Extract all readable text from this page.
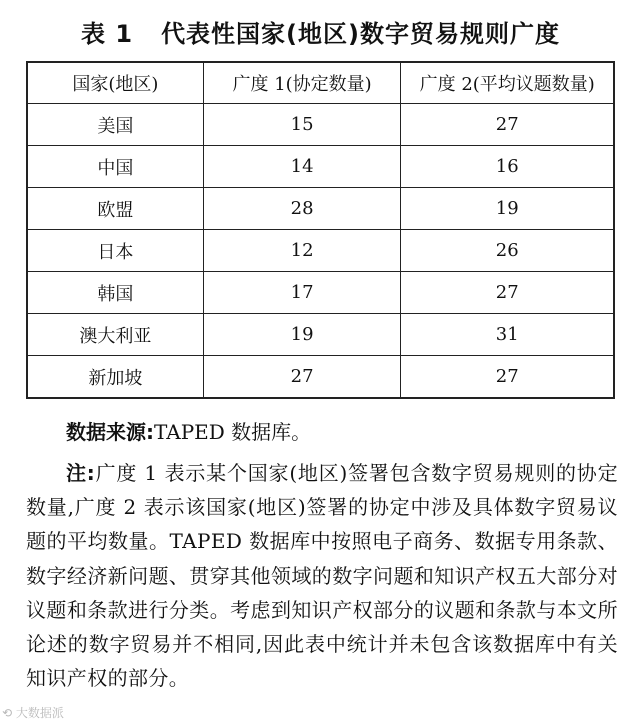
表 1 代表性国家(地区)数字贸易规则广度
国家(地区)	广度 1(协定数量)	广度 2(平均议题数量)
美国	15	27
中国	14	16
欧盟	28	19
日本	12	26
韩国	17	27
澳大利亚	19	31
新加坡	27	27
数据来源:TAPED 数据库。
注:广度 1 表示某个国家(地区)签署包含数字贸易规则的协定数量,广度 2 表示该国家(地区)签署的协定中涉及具体数字贸易议题的平均数量。TAPED 数据库中按照电子商务、数据专用条款、数字经济新问题、贯穿其他领域的数字问题和知识产权五大部分对议题和条款进行分类。考虑到知识产权部分的议题和条款与本文所论述的数字贸易并不相同,因此表中统计并未包含该数据库中有关知识产权的部分。
⟲ 大数据派
